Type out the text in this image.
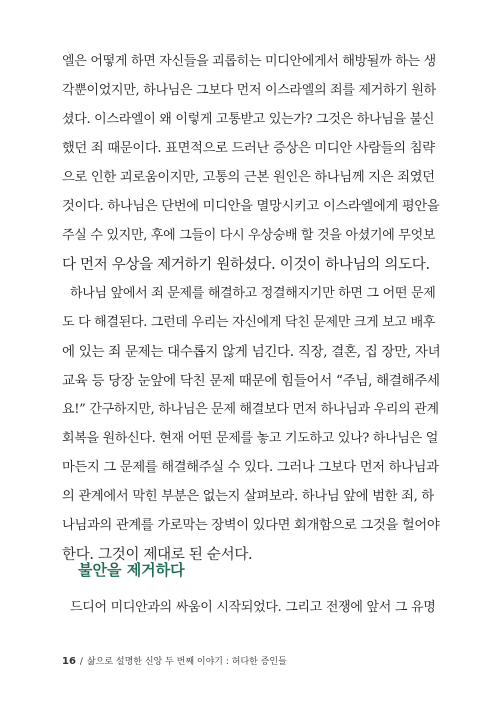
엘은 어떻게 하면 자신들을 괴롭히는 미디안에게서 해방될까 하는 생
각뿐이었지만, 하나님은 그보다 먼저 이스라엘의 죄를 제거하기 원하
셨다. 이스라엘이 왜 이렇게 고통받고 있는가? 그것은 하나님을 불신
했던 죄 때문이다. 표면적으로 드러난 증상은 미디안 사람들의 침략
으로 인한 괴로움이지만, 고통의 근본 원인은 하나님께 지은 죄였던
것이다. 하나님은 단번에 미디안을 멸망시키고 이스라엘에게 평안을
주실 수 있지만, 후에 그들이 다시 우상숭배 할 것을 아셨기에 무엇보
다 먼저 우상을 제거하기 원하셨다. 이것이 하나님의 의도다.
하나님 앞에서 죄 문제를 해결하고 정결해지기만 하면 그 어떤 문제
도 다 해결된다. 그런데 우리는 자신에게 닥친 문제만 크게 보고 배후
에 있는 죄 문제는 대수롭지 않게 넘긴다. 직장, 결혼, 집 장만, 자녀
교육 등 당장 눈앞에 닥친 문제 때문에 힘들어서 “주님, 해결해주세
요!” 간구하지만, 하나님은 문제 해결보다 먼저 하나님과 우리의 관계
회복을 원하신다. 현재 어떤 문제를 놓고 기도하고 있나? 하나님은 얼
마든지 그 문제를 해결해주실 수 있다. 그러나 그보다 먼저 하나님과
의 관계에서 막힌 부분은 없는지 살펴보라. 하나님 앞에 범한 죄, 하
나님과의 관계를 가로막는 장벽이 있다면 회개함으로 그것을 헐어야
한다. 그것이 제대로 된 순서다.
불안을 제거하다
드디어 미디안과의 싸움이 시작되었다. 그리고 전쟁에 앞서 그 유명
16 / 삶으로 설명한 신앙 두 번째 이야기 : 허다한 증인들
